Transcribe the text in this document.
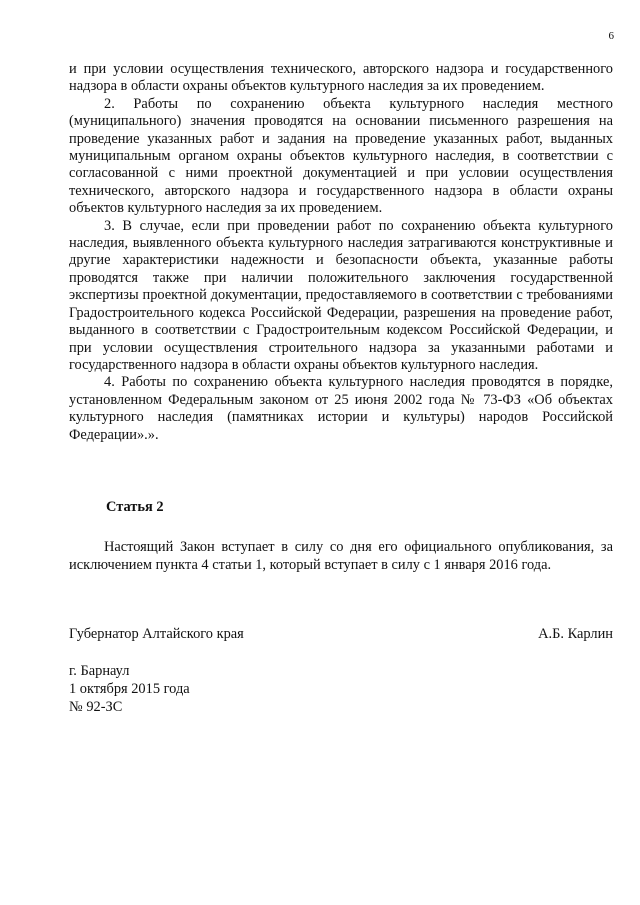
6

и при условии осуществления технического, авторского надзора и государственного надзора в области охраны объектов культурного наследия за их проведением.

2. Работы по сохранению объекта культурного наследия местного (муниципального) значения проводятся на основании письменного разрешения на проведение указанных работ и задания на проведение указанных работ, выданных муниципальным органом охраны объектов культурного наследия, в соответствии с согласованной с ними проектной документацией и при условии осуществления технического, авторского надзора и государственного надзора в области охраны объектов культурного наследия за их проведением.

3. В случае, если при проведении работ по сохранению объекта культурного наследия, выявленного объекта культурного наследия затрагиваются конструктивные и другие характеристики надежности и безопасности объекта, указанные работы проводятся также при наличии положительного заключения государственной экспертизы проектной документации, предоставляемого в соответствии с требованиями Градостроительного кодекса Российской Федерации, разрешения на проведение работ, выданного в соответствии с Градостроительным кодексом Российской Федерации, и при условии осуществления строительного надзора за указанными работами и государственного надзора в области охраны объектов культурного наследия.

4. Работы по сохранению объекта культурного наследия проводятся в порядке, установленном Федеральным законом от 25 июня 2002 года № 73-ФЗ «Об объектах культурного наследия (памятниках истории и культуры) народов Российской Федерации».».

Статья 2

Настоящий Закон вступает в силу со дня его официального опубликования, за исключением пункта 4 статьи 1, который вступает в силу с 1 января 2016 года.

Губернатор Алтайского края	А.Б. Карлин
г. Барнаул
1 октября 2015 года
№ 92-ЗС
